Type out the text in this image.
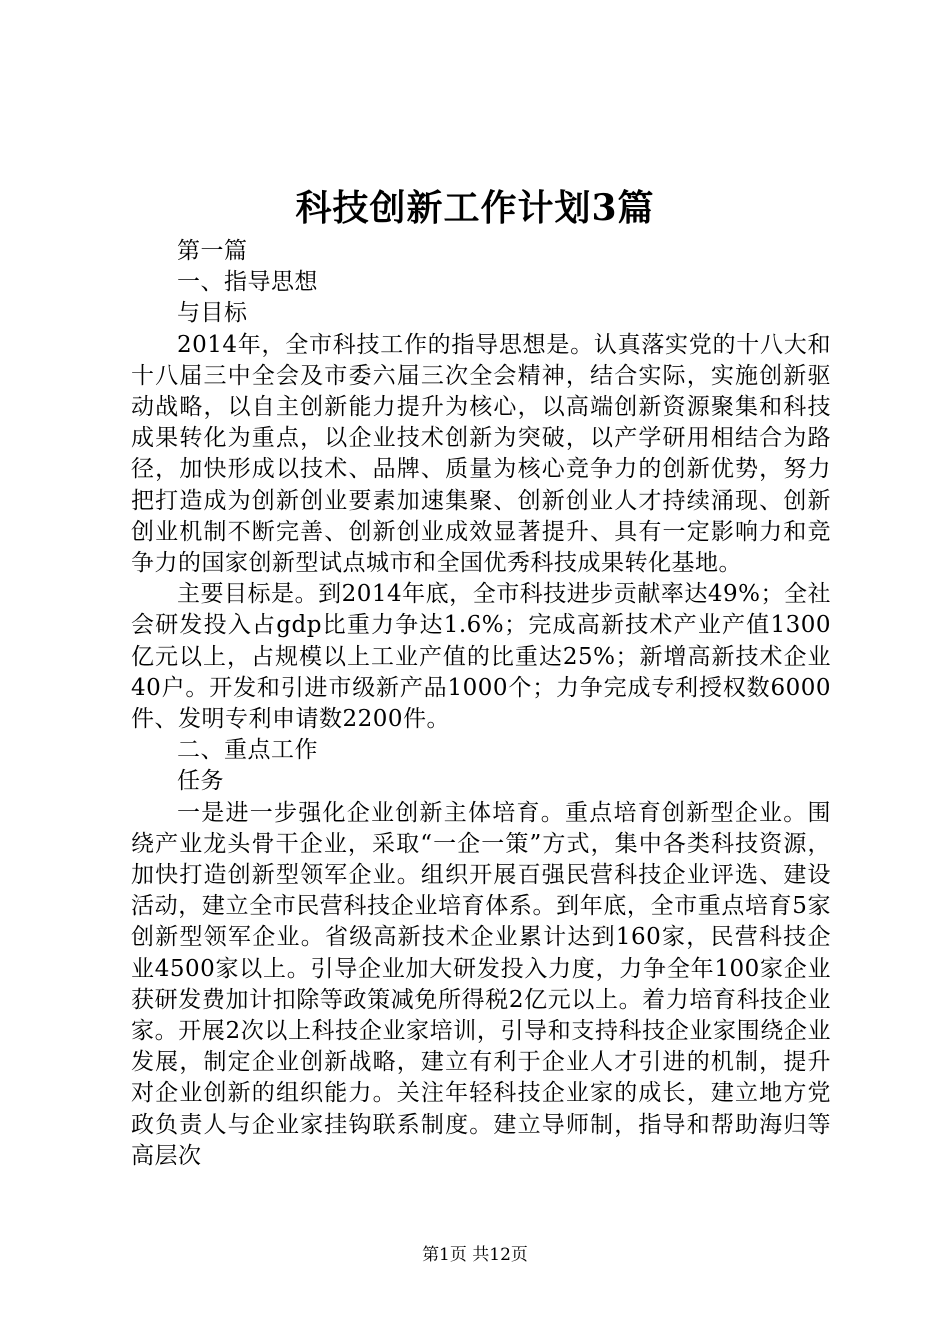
科技创新工作计划3篇

第一篇

一、指导思想

与目标

2014年，全市科技工作的指导思想是。认真落实党的十八大和十八届三中全会及市委六届三次全会精神，结合实际，实施创新驱动战略，以自主创新能力提升为核心，以高端创新资源聚集和科技成果转化为重点，以企业技术创新为突破，以产学研用相结合为路径，加快形成以技术、品牌、质量为核心竞争力的创新优势，努力把打造成为创新创业要素加速集聚、创新创业人才持续涌现、创新创业机制不断完善、创新创业成效显著提升、具有一定影响力和竞争力的国家创新型试点城市和全国优秀科技成果转化基地。

主要目标是。到2014年底，全市科技进步贡献率达49%；全社会研发投入占gdp比重力争达1.6%；完成高新技术产业产值1300亿元以上，占规模以上工业产值的比重达25%；新增高新技术企业40户。开发和引进市级新产品1000个；力争完成专利授权数6000件、发明专利申请数2200件。

二、重点工作

任务

一是进一步强化企业创新主体培育。重点培育创新型企业。围绕产业龙头骨干企业，采取“一企一策”方式，集中各类科技资源，加快打造创新型领军企业。组织开展百强民营科技企业评选、建设活动，建立全市民营科技企业培育体系。到年底，全市重点培育5家创新型领军企业。省级高新技术企业累计达到160家，民营科技企业4500家以上。引导企业加大研发投入力度，力争全年100家企业获研发费加计扣除等政策减免所得税2亿元以上。着力培育科技企业家。开展2次以上科技企业家培训，引导和支持科技企业家围绕企业发展，制定企业创新战略，建立有利于企业人才引进的机制，提升对企业创新的组织能力。关注年轻科技企业家的成长，建立地方党政负责人与企业家挂钩联系制度。建立导师制，指导和帮助海归等高层次

第1页 共12页
